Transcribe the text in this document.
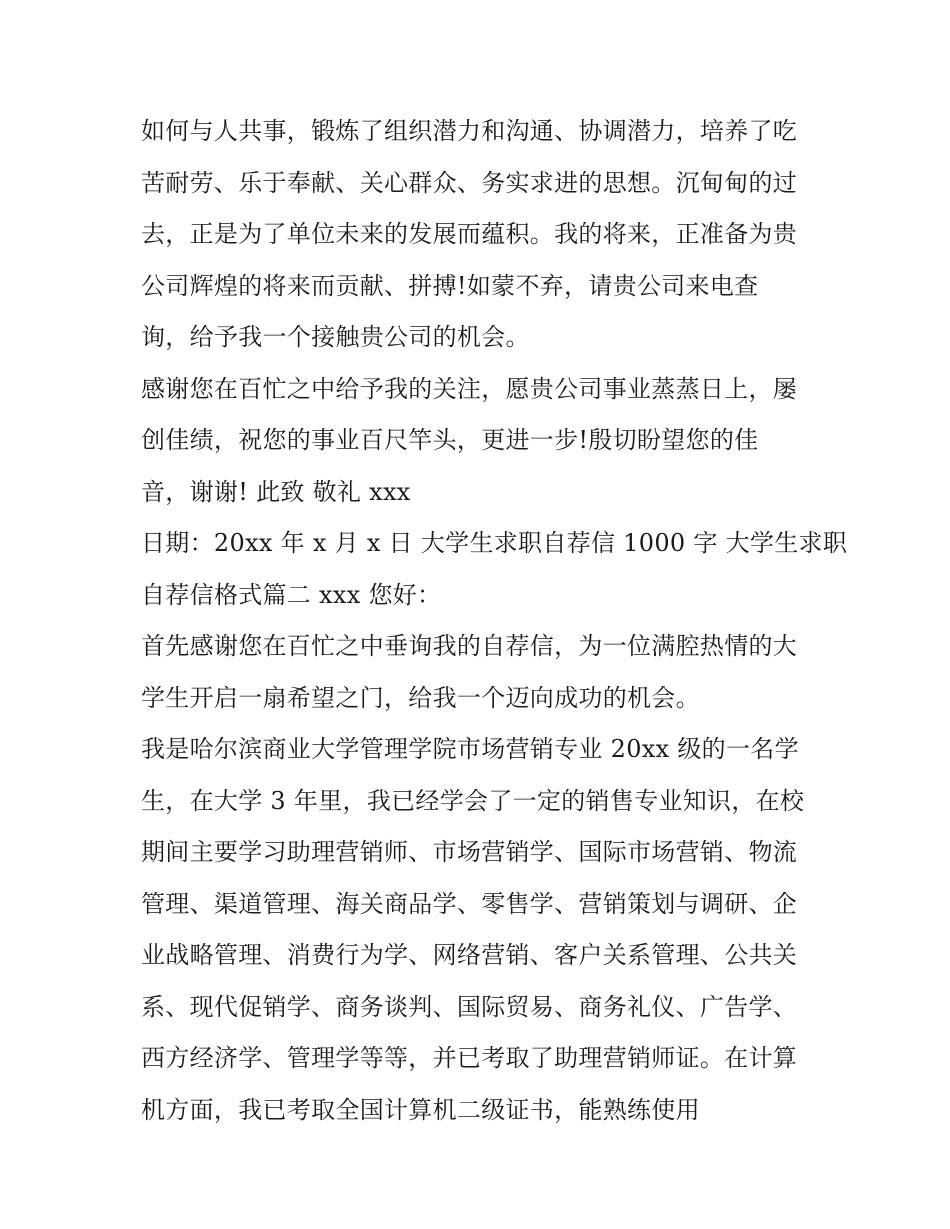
如何与人共事，锻炼了组织潜力和沟通、协调潜力，培养了吃
苦耐劳、乐于奉献、关心群众、务实求进的思想。沉甸甸的过
去，正是为了单位未来的发展而蕴积。我的将来，正准备为贵
公司辉煌的将来而贡献、拼搏!如蒙不弃，请贵公司来电查
询，给予我一个接触贵公司的机会。
感谢您在百忙之中给予我的关注，愿贵公司事业蒸蒸日上，屡
创佳绩，祝您的事业百尺竿头，更进一步!殷切盼望您的佳
音，谢谢! 此致 敬礼 xxx
日期：20xx 年 x 月 x 日 大学生求职自荐信 1000 字 大学生求职
自荐信格式篇二 xxx 您好：
首先感谢您在百忙之中垂询我的自荐信，为一位满腔热情的大
学生开启一扇希望之门，给我一个迈向成功的机会。
我是哈尔滨商业大学管理学院市场营销专业 20xx 级的一名学
生，在大学 3 年里，我已经学会了一定的销售专业知识，在校
期间主要学习助理营销师、市场营销学、国际市场营销、物流
管理、渠道管理、海关商品学、零售学、营销策划与调研、企
业战略管理、消费行为学、网络营销、客户关系管理、公共关
系、现代促销学、商务谈判、国际贸易、商务礼仪、广告学、
西方经济学、管理学等等，并已考取了助理营销师证。在计算
机方面，我已考取全国计算机二级证书，能熟练使用
